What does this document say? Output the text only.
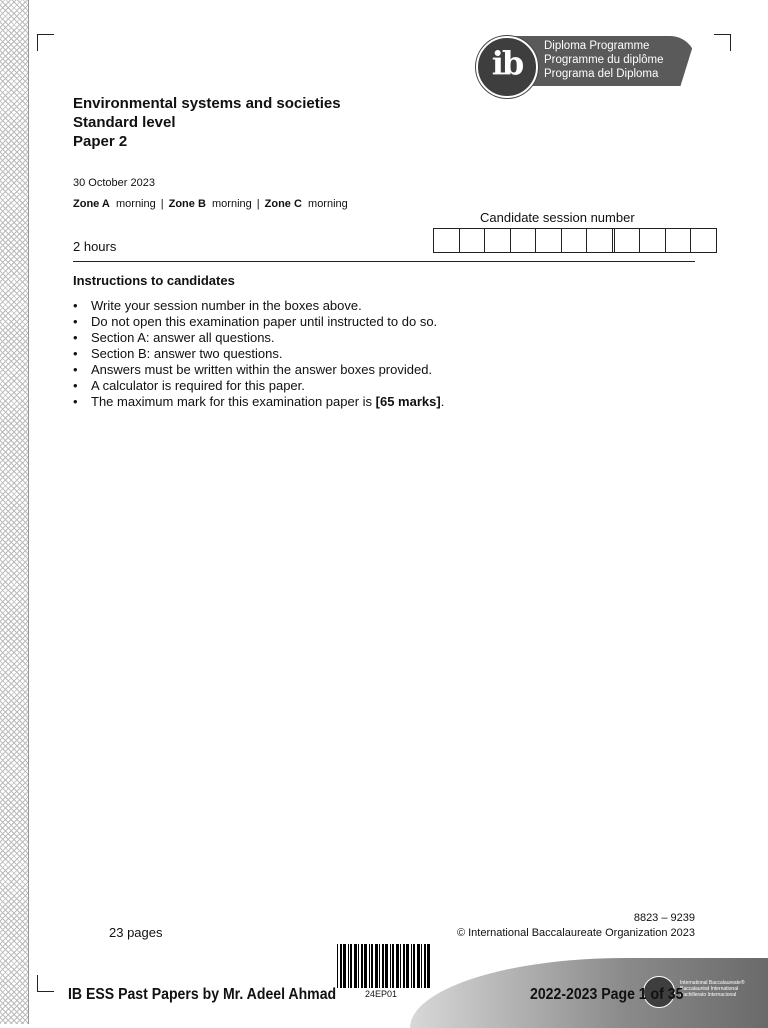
ib	Diploma Programme
Programme du diplôme
Programa del Diploma
Environmental systems and societies
Standard level
Paper 2
30 October 2023
Zone A morning | Zone B morning | Zone C morning
2 hours
Candidate session number
Instructions to candidates
• Write your session number in the boxes above.
• Do not open this examination paper until instructed to do so.
• Section A: answer all questions.
• Section B: answer two questions.
• Answers must be written within the answer boxes provided.
• A calculator is required for this paper.
• The maximum mark for this examination paper is [65 marks].
23 pages
8823 – 9239
© International Baccalaureate Organization 2023
24EP01
International Baccalaureate®
Baccalauréat International
Bachillerato Internacional
IB ESS Past Papers by Mr. Adeel Ahmad	2022-2023 Page 1 of 35
